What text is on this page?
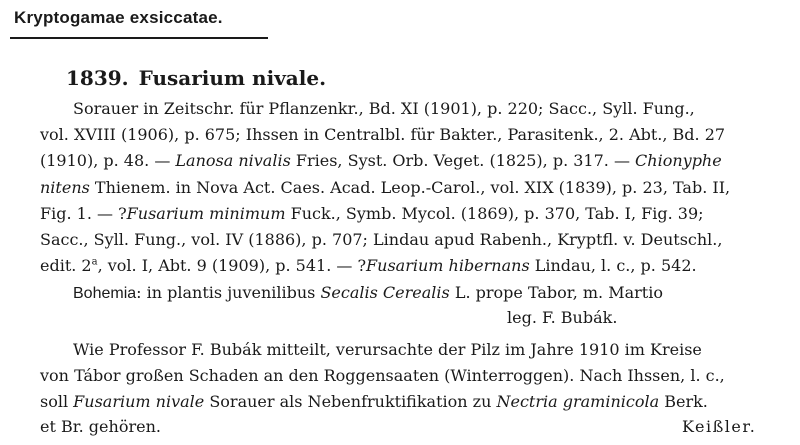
Kryptogamae exsiccatae.
1839. Fusarium nivale.
Sorauer in Zeitschr. für Pflanzenkr., Bd. XI (1901), p. 220; Sacc., Syll. Fung.,
vol. XVIII (1906), p. 675; Ihssen in Centralbl. für Bakter., Parasitenk., 2. Abt., Bd. 27
(1910), p. 48. — Lanosa nivalis Fries, Syst. Orb. Veget. (1825), p. 317. — Chionyphe
nitens Thienem. in Nova Act. Caes. Acad. Leop.-Carol., vol. XIX (1839), p. 23, Tab. II,
Fig. 1. — ?Fusarium minimum Fuck., Symb. Mycol. (1869), p. 370, Tab. I, Fig. 39;
Sacc., Syll. Fung., vol. IV (1886), p. 707; Lindau apud Rabenh., Kryptfl. v. Deutschl.,
edit. 2$^a$, vol. I, Abt. 9 (1909), p. 541. — ?Fusarium hibernans Lindau, l. c., p. 542.
Bohemia: in plantis juvenilibus Secalis Cerealis L. prope Tabor, m. Martio
leg. F. Bubák.
Wie Professor F. Bubák mitteilt, verursachte der Pilz im Jahre 1910 im Kreise
von Tábor großen Schaden an den Roggensaaten (Winterroggen). Nach Ihssen, l. c.,
soll Fusarium nivale Sorauer als Nebenfruktifikation zu Nectria graminicola Berk.
et Br. gehören.	Keißler.
